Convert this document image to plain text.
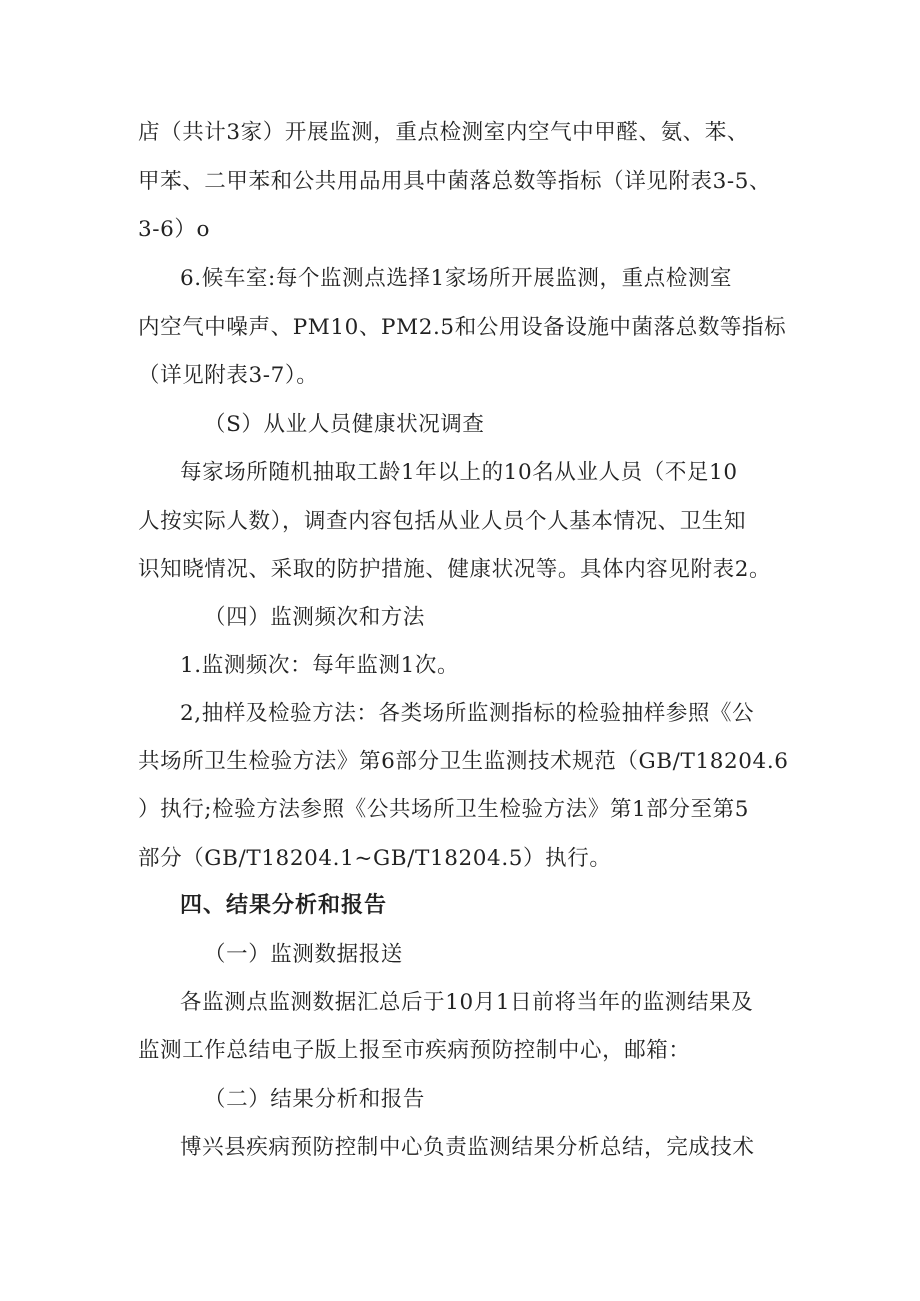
店（共计3家）开展监测，重点检测室内空气中甲醛、氨、苯、
甲苯、二甲苯和公共用品用具中菌落总数等指标（详见附表3-5、
3-6）o
6.候车室:每个监测点选择1家场所开展监测，重点检测室
内空气中噪声、PM10、PM2.5和公用设备设施中菌落总数等指标
（详见附表3-7）。
（S）从业人员健康状况调查
每家场所随机抽取工龄1年以上的10名从业人员（不足10
人按实际人数），调查内容包括从业人员个人基本情况、卫生知
识知晓情况、采取的防护措施、健康状况等。具体内容见附表2。
（四）监测频次和方法
1.监测频次：每年监测1次。
2,抽样及检验方法：各类场所监测指标的检验抽样参照《公
共场所卫生检验方法》第6部分卫生监测技术规范（GB/T18204.6
）执行;检验方法参照《公共场所卫生检验方法》第1部分至第5
部分（GB/T18204.1~GB/T18204.5）执行。
四、结果分析和报告
（一）监测数据报送
各监测点监测数据汇总后于10月1日前将当年的监测结果及
监测工作总结电子版上报至市疾病预防控制中心，邮箱：
（二）结果分析和报告
博兴县疾病预防控制中心负责监测结果分析总结，完成技术
